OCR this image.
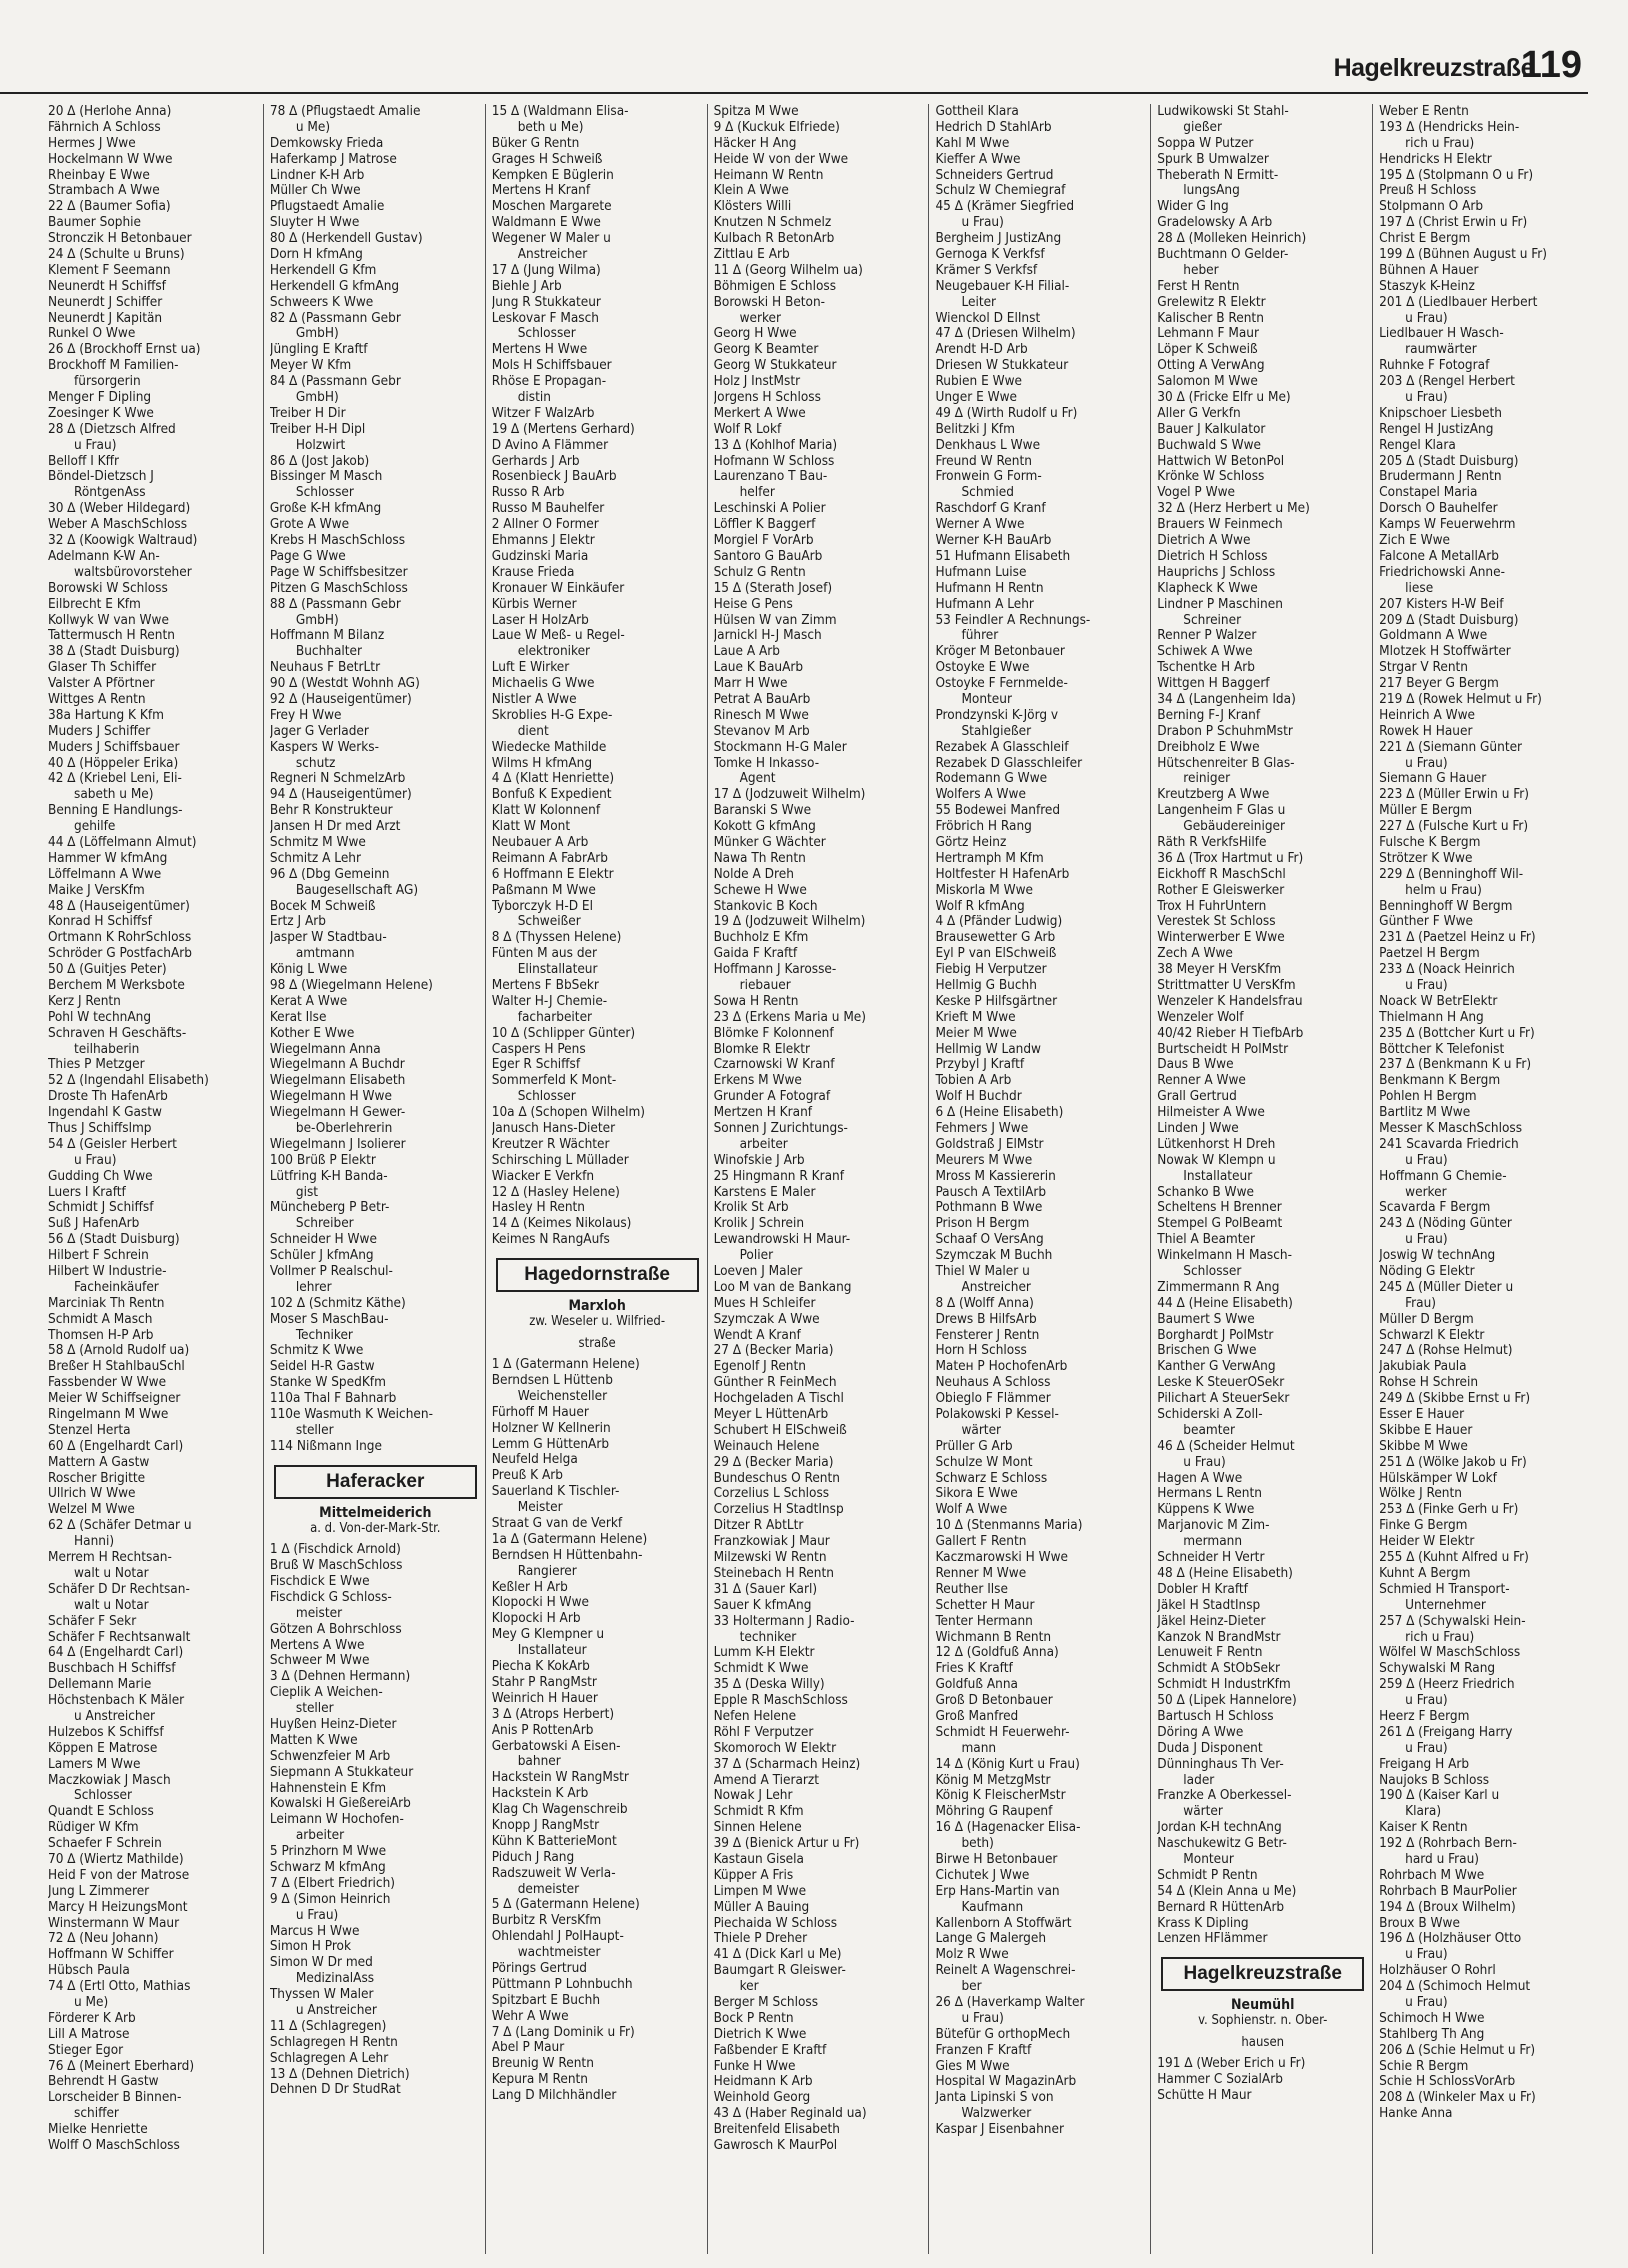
Hagelkreuzstraße
119
20 ∆ (Herlohe Anna)
Fährnich A Schloss
Hermes J Wwe
Hockelmann W Wwe
Rheinbay E Wwe
Strambach A Wwe
22 ∆ (Baumer Sofia)
Baumer Sophie
Stronczik H Betonbauer
24 ∆ (Schulte u Bruns)
Klement F Seemann
Neunerdt H Schiffsf
Neunerdt J Schiffer
Neunerdt J Kapitän
Runkel O Wwe
26 ∆ (Brockhoff Ernst ua)
Brockhoff M Familien-
fürsorgerin
Menger F Dipling
Zoesinger K Wwe
28 ∆ (Dietzsch Alfred
u Frau)
Belloff I Kffr
Böndel-Dietzsch J
RöntgenAss
30 ∆ (Weber Hildegard)
Weber A MaschSchloss
32 ∆ (Koowigk Waltraud)
Adelmann K-W An-
waltsbürovorsteher
Borowski W Schloss
Eilbrecht E Kfm
Kollwyk W van Wwe
Tattermusch H Rentn
38 ∆ (Stadt Duisburg)
Glaser Th Schiffer
Valster A Pförtner
Wittges A Rentn
38a Hartung K Kfm
Muders J Schiffer
Muders J Schiffsbauer
40 ∆ (Höppeler Erika)
42 ∆ (Kriebel Leni, Eli-
sabeth u Me)
Benning E Handlungs-
gehilfe
44 ∆ (Löffelmann Almut)
Hammer W kfmAng
Löffelmann A Wwe
Maike J VersKfm
48 ∆ (Hauseigentümer)
Konrad H Schiffsf
Ortmann K RohrSchloss
Schröder G PostfachArb
50 ∆ (Guitjes Peter)
Berchem M Werksbote
Kerz J Rentn
Pohl W technAng
Schraven H Geschäfts-
teilhaberin
Thies P Metzger
52 ∆ (Ingendahl Elisabeth)
Droste Th HafenArb
Ingendahl K Gastw
Thus J Schiffslmp
54 ∆ (Geisler Herbert
u Frau)
Gudding Ch Wwe
Luers I Kraftf
Schmidt J Schiffsf
Suß J HafenArb
56 ∆ (Stadt Duisburg)
Hilbert F Schrein
Hilbert W Industrie-
Facheinkäufer
Marciniak Th Rentn
Schmidt A Masch
Thomsen H-P Arb
58 ∆ (Arnold Rudolf ua)
Breßer H StahlbauSchl
Fassbender W Wwe
Meier W Schiffseigner
Ringelmann M Wwe
Stenzel Herta
60 ∆ (Engelhardt Carl)
Mattern A Gastw
Roscher Brigitte
Ullrich W Wwe
Welzel M Wwe
62 ∆ (Schäfer Detmar u
Hanni)
Merrem H Rechtsan-
walt u Notar
Schäfer D Dr Rechtsan-
walt u Notar
Schäfer F Sekr
Schäfer F Rechtsanwalt
64 ∆ (Engelhardt Carl)
Buschbach H Schiffsf
Dellemann Marie
Höchstenbach K Mäler
u Anstreicher
Hulzebos K Schiffsf
Köppen E Matrose
Lamers M Wwe
Maczkowiak J Masch
Schlosser
Quandt E Schloss
Rüdiger W Kfm
Schaefer F Schrein
70 ∆ (Wiertz Mathilde)
Heid F von der Matrose
Jung L Zimmerer
Marcy H HeizungsMont
Winstermann W Maur
72 ∆ (Neu Johann)
Hoffmann W Schiffer
Hübsch Paula
74 ∆ (Ertl Otto, Mathias
u Me)
Förderer K Arb
Lill A Matrose
Stieger Egor
76 ∆ (Meinert Eberhard)
Behrendt H Gastw
Lorscheider B Binnen-
schiffer
Mielke Henriette
Wolff O MaschSchloss
78 ∆ (Pflugstaedt Amalie
u Me)
Demkowsky Frieda
Haferkamp J Matrose
Lindner K-H Arb
Müller Ch Wwe
Pflugstaedt Amalie
Sluyter H Wwe
80 ∆ (Herkendell Gustav)
Dorn H kfmAng
Herkendell G Kfm
Herkendell G kfmAng
Schweers K Wwe
82 ∆ (Passmann Gebr
GmbH)
Jüngling E Kraftf
Meyer W Kfm
84 ∆ (Passmann Gebr
GmbH)
Treiber H Dir
Treiber H-H Dipl
Holzwirt
86 ∆ (Jost Jakob)
Bissinger M Masch
Schlosser
Große K-H kfmAng
Grote A Wwe
Krebs H MaschSchloss
Page G Wwe
Page W Schiffsbesitzer
Pitzen G MaschSchloss
88 ∆ (Passmann Gebr
GmbH)
Hoffmann M Bilanz
Buchhalter
Neuhaus F BetrLtr
90 ∆ (Westdt Wohnh AG)
92 ∆ (Hauseigentümer)
Frey H Wwe
Jager G Verlader
Kaspers W Werks-
schutz
Regneri N SchmelzArb
94 ∆ (Hauseigentümer)
Behr R Konstrukteur
Jansen H Dr med Arzt
Schmitz M Wwe
Schmitz A Lehr
96 ∆ (Dbg Gemeinn
Baugesellschaft AG)
Bocek M Schweiß
Ertz J Arb
Jasper W Stadtbau-
amtmann
König L Wwe
98 ∆ (Wiegelmann Helene)
Kerat A Wwe
Kerat Ilse
Kother E Wwe
Wiegelmann Anna
Wiegelmann A Buchdr
Wiegelmann Elisabeth
Wiegelmann H Wwe
Wiegelmann H Gewer-
be-Oberlehrerin
Wiegelmann J Isolierer
100 Brüß P Elektr
Lütfring K-H Banda-
gist
Müncheberg P Betr-
Schreiber
Schneider H Wwe
Schüler J kfmAng
Vollmer P Realschul-
lehrer
102 ∆ (Schmitz Käthe)
Moser S MaschBau-
Techniker
Schmitz K Wwe
Seidel H-R Gastw
Stanke W SpedKfm
110a Thal F Bahnarb
110e Wasmuth K Weichen-
steller
114 Nißmann Inge
Haferacker
Mittelmeiderich
a. d. Von-der-Mark-Str.
1 ∆ (Fischdick Arnold)
Bruß W MaschSchloss
Fischdick E Wwe
Fischdick G Schloss-
meister
Götzen A Bohrschloss
Mertens A Wwe
Schweer M Wwe
3 ∆ (Dehnen Hermann)
Cieplik A Weichen-
steller
Huyßen Heinz-Dieter
Matten K Wwe
Schwenzfeier M Arb
Siepmann A Stukkateur
Hahnenstein E Kfm
Kowalski H GießereiArb
Leimann W Hochofen-
arbeiter
5 Prinzhorn M Wwe
Schwarz M kfmAng
7 ∆ (Elbert Friedrich)
9 ∆ (Simon Heinrich
u Frau)
Marcus H Wwe
Simon H Prok
Simon W Dr med
MedizinalAss
Thyssen W Maler
u Anstreicher
11 ∆ (Schlagregen)
Schlagregen H Rentn
Schlagregen A Lehr
13 ∆ (Dehnen Dietrich)
Dehnen D Dr StudRat
15 ∆ (Waldmann Elisa-
beth u Me)
Büker G Rentn
Grages H Schweiß
Kempken E Büglerin
Mertens H Kranf
Moschen Margarete
Waldmann E Wwe
Wegener W Maler u
Anstreicher
17 ∆ (Jung Wilma)
Biehle J Arb
Jung R Stukkateur
Leskovar F Masch
Schlosser
Mertens H Wwe
Mols H Schiffsbauer
Rhöse E Propagan-
distin
Witzer F WalzArb
19 ∆ (Mertens Gerhard)
D Avino A Flämmer
Gerhards J Arb
Rosenbieck J BauArb
Russo R Arb
Russo M Bauhelfer
2 Allner O Former
Ehmanns J Elektr
Gudzinski Maria
Krause Frieda
Kronauer W Einkäufer
Kürbis Werner
Laser H HolzArb
Laue W Meß- u Regel-
elektroniker
Luft E Wirker
Michaelis G Wwe
Nistler A Wwe
Skroblies H-G Expe-
dient
Wiedecke Mathilde
Wilms H kfmAng
4 ∆ (Klatt Henriette)
Bonfuß K Expedient
Klatt W Kolonnenf
Klatt W Mont
Neubauer A Arb
Reimann A FabrArb
6 Hoffmann E Elektr
Paßmann M Wwe
Tyborczyk H-D El
Schweißer
8 ∆ (Thyssen Helene)
Fünten M aus der
Elinstallateur
Mertens F BbSekr
Walter H-J Chemie-
facharbeiter
10 ∆ (Schlipper Günter)
Caspers H Pens
Eger R Schiffsf
Sommerfeld K Mont-
Schlosser
10a ∆ (Schopen Wilhelm)
Janusch Hans-Dieter
Kreutzer R Wächter
Schirsching L Müllader
Wiacker E Verkfn
12 ∆ (Hasley Helene)
Hasley H Rentn
14 ∆ (Keimes Nikolaus)
Keimes N RangAufs
Hagedornstraße
Marxloh
zw. Weseler u. Wilfried-
straße
1 ∆ (Gatermann Helene)
Berndsen L Hüttenb
Weichensteller
Fürhoff M Hauer
Holzner W Kellnerin
Lemm G HüttenArb
Neufeld Helga
Preuß K Arb
Sauerland K Tischler-
Meister
Straat G van de Verkf
1a ∆ (Gatermann Helene)
Berndsen H Hüttenbahn-
Rangierer
Keßler H Arb
Klopocki H Wwe
Klopocki H Arb
Mey G Klempner u
Installateur
Piecha K KokArb
Stahr P RangMstr
Weinrich H Hauer
3 ∆ (Atrops Herbert)
Anis P RottenArb
Gerbatowski A Eisen-
bahner
Hackstein W RangMstr
Hackstein K Arb
Klag Ch Wagenschreib
Knopp J RangMstr
Kühn K BatterieMont
Piduch J Rang
Radszuweit W Verla-
demeister
5 ∆ (Gatermann Helene)
Burbitz R VersKfm
Ohlendahl J PolHaupt-
wachtmeister
Pörings Gertrud
Püttmann P Lohnbuchh
Spitzbart E Buchh
Wehr A Wwe
7 ∆ (Lang Dominik u Fr)
Abel P Maur
Breunig W Rentn
Kepura M Rentn
Lang D Milchhändler
Spitza M Wwe
9 ∆ (Kuckuk Elfriede)
Häcker H Ang
Heide W von der Wwe
Heimann W Rentn
Klein A Wwe
Klösters Willi
Knutzen N Schmelz
Kulbach R BetonArb
Zittlau E Arb
11 ∆ (Georg Wilhelm ua)
Böhmigen E Schloss
Borowski H Beton-
werker
Georg H Wwe
Georg K Beamter
Georg W Stukkateur
Holz J InstMstr
Jorgens H Schloss
Merkert A Wwe
Wolf R Lokf
13 ∆ (Kohlhof Maria)
Hofmann W Schloss
Laurenzano T Bau-
helfer
Leschinski A Polier
Löffler K Baggerf
Morgiel F VorArb
Santoro G BauArb
Schulz G Rentn
15 ∆ (Sterath Josef)
Heise G Pens
Hülsen W van Zimm
Jarnickl H-J Masch
Laue A Arb
Laue K BauArb
Marr H Wwe
Petrat A BauArb
Rinesch M Wwe
Stevanov M Arb
Stockmann H-G Maler
Tomke H Inkasso-
Agent
17 ∆ (Jodzuweit Wilhelm)
Baranski S Wwe
Kokott G kfmAng
Münker G Wächter
Nawa Th Rentn
Nolde A Dreh
Schewe H Wwe
Stankovic B Koch
19 ∆ (Jodzuweit Wilhelm)
Buchholz E Kfm
Gaida F Kraftf
Hoffmann J Karosse-
riebauer
Sowa H Rentn
23 ∆ (Erkens Maria u Me)
Blömke F Kolonnenf
Blomke R Elektr
Czarnowski W Kranf
Erkens M Wwe
Grunder A Fotograf
Mertzen H Kranf
Sonnen J Zurichtungs-
arbeiter
Winofskie J Arb
25 Hingmann R Kranf
Karstens E Maler
Krolik St Arb
Krolik J Schrein
Lewandrowski H Maur-
Polier
Loeven J Maler
Loo M van de Bankang
Mues H Schleifer
Szymczak A Wwe
Wendt A Kranf
27 ∆ (Becker Maria)
Egenolf J Rentn
Günther R FeinMech
Hochgeladen A Tischl
Meyer L HüttenArb
Schubert H ElSchweiß
Weinauch Helene
29 ∆ (Becker Maria)
Bundeschus O Rentn
Corzelius L Schloss
Corzelius H StadtInsp
Ditzer R AbtLtr
Franzkowiak J Maur
Milzewski W Rentn
Steinebach H Rentn
31 ∆ (Sauer Karl)
Sauer K kfmAng
33 Holtermann J Radio-
techniker
Lumm K-H Elektr
Schmidt K Wwe
35 ∆ (Deska Willy)
Epple R MaschSchloss
Nefen Helene
Röhl F Verputzer
Skomoroch W Elektr
37 ∆ (Scharmach Heinz)
Amend A Tierarzt
Nowak J Lehr
Schmidt R Kfm
Sinnen Helene
39 ∆ (Bienick Artur u Fr)
Kastaun Gisela
Küpper A Fris
Limpen M Wwe
Müller A Bauing
Piechaida W Schloss
Thiele P Dreher
41 ∆ (Dick Karl u Me)
Baumgart R Gleiswer-
ker
Berger M Schloss
Bock P Rentn
Dietrich K Wwe
Faßbender E Kraftf
Funke H Wwe
Heidmann K Arb
Weinhold Georg
43 ∆ (Haber Reginald ua)
Breitenfeld Elisabeth
Gawrosch K MaurPol
Gottheil Klara
Hedrich D StahlArb
Kahl M Wwe
Kieffer A Wwe
Schneiders Gertrud
Schulz W Chemiegraf
45 ∆ (Krämer Siegfried
u Frau)
Bergheim J JustizAng
Gernoga K Verkfsf
Krämer S Verkfsf
Neugebauer K-H Filial-
Leiter
Wienckol D ElInst
47 ∆ (Driesen Wilhelm)
Arendt H-D Arb
Driesen W Stukkateur
Rubien E Wwe
Unger E Wwe
49 ∆ (Wirth Rudolf u Fr)
Belitzki J Kfm
Denkhaus L Wwe
Freund W Rentn
Fronwein G Form-
Schmied
Raschdorf G Kranf
Werner A Wwe
Werner K-H BauArb
51 Hufmann Elisabeth
Hufmann Luise
Hufmann H Rentn
Hufmann A Lehr
53 Feindler A Rechnungs-
führer
Kröger M Betonbauer
Ostoyke E Wwe
Ostoyke F Fernmelde-
Monteur
Prondzynski K-Jörg v
Stahlgießer
Rezabek A Glasschleif
Rezabek D Glasschleifer
Rodemann G Wwe
Wolfers A Wwe
55 Bodewei Manfred
Fröbrich H Rang
Görtz Heinz
Hertramph M Kfm
Holtfester H HafenArb
Miskorla M Wwe
Wolf R kfmAng
4 ∆ (Pfänder Ludwig)
Brausewetter G Arb
Eyl P van ElSchweiß
Fiebig H Verputzer
Hellmig G Buchh
Keske P Hilfsgärtner
Krieft M Wwe
Meier M Wwe
Hellmig W Landw
Przybyl J Kraftf
Tobien A Arb
Wolf H Buchdr
6 ∆ (Heine Elisabeth)
Fehmers J Wwe
Goldstraß J ElMstr
Meurers M Wwe
Mross M Kassiererin
Pausch A TextilArb
Pothmann B Wwe
Prison H Bergm
Schaaf O VersAng
Szymczak M Buchh
Thiel W Maler u
Anstreicher
8 ∆ (Wolff Anna)
Drews B HilfsArb
Fensterer J Rentn
Horn H Schloss
Mateн P HochofenArb
Neuhaus A Schloss
Obieglo F Flämmer
Polakowski P Kessel-
wärter
Prüller G Arb
Schulze W Mont
Schwarz E Schloss
Sikora E Wwe
Wolf A Wwe
10 ∆ (Stenmanns Maria)
Gallert F Rentn
Kaczmarowski H Wwe
Renner M Wwe
Reuther Ilse
Schetter H Maur
Tenter Hermann
Wichmann B Rentn
12 ∆ (Goldfuß Anna)
Fries K Kraftf
Goldfuß Anna
Groß D Betonbauer
Groß Manfred
Schmidt H Feuerwehr-
mann
14 ∆ (König Kurt u Frau)
König M MetzgMstr
König K FleischerMstr
Möhring G Raupenf
16 ∆ (Hagenacker Elisa-
beth)
Birwe H Betonbauer
Cichutek J Wwe
Erp Hans-Martin van
Kaufmann
Kallenborn A Stoffwärt
Lange G Malergeh
Molz R Wwe
Reinelt A Wagenschrei-
ber
26 ∆ (Haverkamp Walter
u Frau)
Bütefür G orthopMech
Franzen F Kraftf
Gies M Wwe
Hospital W MagazinArb
Janta Lipinski S von
Walzwerker
Kaspar J Eisenbahner
Ludwikowski St Stahl-
gießer
Soppa W Putzer
Spurk B Umwalzer
Theberath N Ermitt-
lungsAng
Wider G Ing
Gradelowsky A Arb
28 ∆ (Molleken Heinrich)
Buchtmann O Gelder-
heber
Ferst H Rentn
Grelewitz R Elektr
Kalischer B Rentn
Lehmann F Maur
Löper K Schweiß
Otting A VerwAng
Salomon M Wwe
30 ∆ (Fricke Elfr u Me)
Aller G Verkfn
Bauer J Kalkulator
Buchwald S Wwe
Hattwich W BetonPol
Krönke W Schloss
Vogel P Wwe
32 ∆ (Herz Herbert u Me)
Brauers W Feinmech
Dietrich A Wwe
Dietrich H Schloss
Hauprichs J Schloss
Klapheck K Wwe
Lindner P Maschinen
Schreiner
Renner P Walzer
Schiwek A Wwe
Tschentke H Arb
Wittgen H Baggerf
34 ∆ (Langenheim Ida)
Berning F-J Kranf
Drabon P SchuhmMstr
Dreibholz E Wwe
Hütschenreiter B Glas-
reiniger
Kreutzberg A Wwe
Langenheim F Glas u
Gebäudereiniger
Räth R VerkfsHilfe
36 ∆ (Trox Hartmut u Fr)
Eickhoff R MaschSchl
Rother E Gleiswerker
Trox H FuhrUntern
Verestek St Schloss
Winterwerber E Wwe
Zech A Wwe
38 Meyer H VersKfm
Strittmatter U VersKfm
Wenzeler K Handelsfrau
Wenzeler Wolf
40/42 Rieber H TiefbArb
Burtscheidt H PolMstr
Daus B Wwe
Renner A Wwe
Grall Gertrud
Hilmeister A Wwe
Linden J Wwe
Lütkenhorst H Dreh
Nowak W Klempn u
Installateur
Schanko B Wwe
Scheltens H Brenner
Stempel G PolBeamt
Thiel A Beamter
Winkelmann H Masch-
Schlosser
Zimmermann R Ang
44 ∆ (Heine Elisabeth)
Baumert S Wwe
Borghardt J PolMstr
Brischen G Wwe
Kanther G VerwAng
Leske K SteuerOSekr
Pilichart A SteuerSekr
Schiderski A Zoll-
beamter
46 ∆ (Scheider Helmut
u Frau)
Hagen A Wwe
Hermans L Rentn
Küppens K Wwe
Marjanovic M Zim-
mermann
Schneider H Vertr
48 ∆ (Heine Elisabeth)
Dobler H Kraftf
Jäkel H StadtInsp
Jäkel Heinz-Dieter
Kanzok N BrandMstr
Lenuweit F Rentn
Schmidt A StObSekr
Schmidt H IndustrKfm
50 ∆ (Lipek Hannelore)
Bartusch H Schloss
Döring A Wwe
Duda J Disponent
Dünninghaus Th Ver-
lader
Franzke A Oberkessel-
wärter
Jordan K-H technAng
Naschukewitz G Betr-
Monteur
Schmidt P Rentn
54 ∆ (Klein Anna u Me)
Bernard R HüttenArb
Krass K Dipling
Lenzen HFlämmer
Hagelkreuzstraße
Neumühl
v. Sophienstr. n. Ober-
hausen
191 ∆ (Weber Erich u Fr)
Hammer C SozialArb
Schütte H Maur
Weber E Rentn
193 ∆ (Hendricks Hein-
rich u Frau)
Hendricks H Elektr
195 ∆ (Stolpmann O u Fr)
Preuß H Schloss
Stolpmann O Arb
197 ∆ (Christ Erwin u Fr)
Christ E Bergm
199 ∆ (Bühnen August u Fr)
Bühnen A Hauer
Staszyk K-Heinz
201 ∆ (Liedlbauer Herbert
u Frau)
Liedlbauer H Wasch-
raumwärter
Ruhnke F Fotograf
203 ∆ (Rengel Herbert
u Frau)
Knipschoer Liesbeth
Rengel H JustizAng
Rengel Klara
205 ∆ (Stadt Duisburg)
Brudermann J Rentn
Constapel Maria
Dorsch O Bauhelfer
Kamps W Feuerwehrm
Zich E Wwe
Falcone A MetallArb
Friedrichowski Anne-
liese
207 Kisters H-W Beif
209 ∆ (Stadt Duisburg)
Goldmann A Wwe
Mlotzek H Stoffwärter
Strgar V Rentn
217 Beyer G Bergm
219 ∆ (Rowek Helmut u Fr)
Heinrich A Wwe
Rowek H Hauer
221 ∆ (Siemann Günter
u Frau)
Siemann G Hauer
223 ∆ (Müller Erwin u Fr)
Müller E Bergm
227 ∆ (Fulsche Kurt u Fr)
Fulsche K Bergm
Strötzer K Wwe
229 ∆ (Benninghoff Wil-
helm u Frau)
Benninghoff W Bergm
Günther F Wwe
231 ∆ (Paetzel Heinz u Fr)
Paetzel H Bergm
233 ∆ (Noack Heinrich
u Frau)
Noack W BetrElektr
Thielmann H Ang
235 ∆ (Bottcher Kurt u Fr)
Böttcher K Telefonist
237 ∆ (Benkmann K u Fr)
Benkmann K Bergm
Pohlen H Bergm
Bartlitz M Wwe
Messer K MaschSchloss
241 Scavarda Friedrich
u Frau)
Hoffmann G Chemie-
werker
Scavarda F Bergm
243 ∆ (Nöding Günter
u Frau)
Joswig W technAng
Nöding G Elektr
245 ∆ (Müller Dieter u
Frau)
Müller D Bergm
Schwarzl K Elektr
247 ∆ (Rohse Helmut)
Jakubiak Paula
Rohse H Schrein
249 ∆ (Skibbe Ernst u Fr)
Esser E Hauer
Skibbe E Hauer
Skibbe M Wwe
251 ∆ (Wölke Jakob u Fr)
Hülskämper W Lokf
Wölke J Rentn
253 ∆ (Finke Gerh u Fr)
Finke G Bergm
Heider W Elektr
255 ∆ (Kuhnt Alfred u Fr)
Kuhnt A Bergm
Schmied H Transport-
Unternehmer
257 ∆ (Schywalski Hein-
rich u Frau)
Wölfel W MaschSchloss
Schywalski M Rang
259 ∆ (Heerz Friedrich
u Frau)
Heerz F Bergm
261 ∆ (Freigang Harry
u Frau)
Freigang H Arb
Naujoks B Schloss
190 ∆ (Kaiser Karl u
Klara)
Kaiser K Rentn
192 ∆ (Rohrbach Bern-
hard u Frau)
Rohrbach M Wwe
Rohrbach B MaurPolier
194 ∆ (Broux Wilhelm)
Broux B Wwe
196 ∆ (Holzhäuser Otto
u Frau)
Holzhäuser O Rohrl
204 ∆ (Schimoch Helmut
u Frau)
Schimoch H Wwe
Stahlberg Th Ang
206 ∆ (Schie Helmut u Fr)
Schie R Bergm
Schie H SchlossVorArb
208 ∆ (Winkeler Max u Fr)
Hanke Anna
